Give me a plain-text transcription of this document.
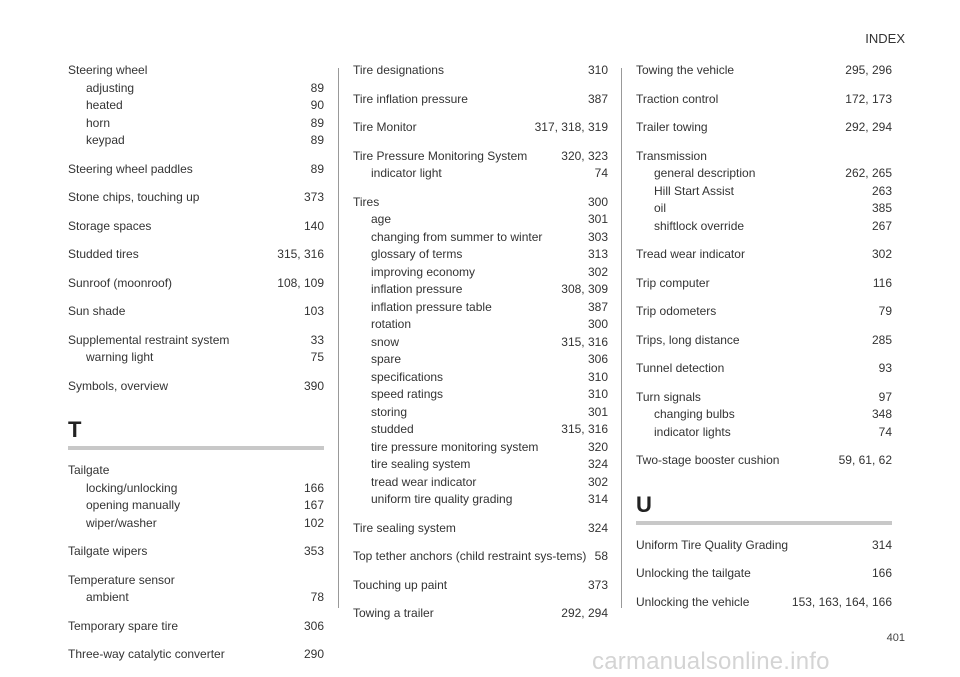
INDEX
Steering wheel
adjusting	89
heated	90
horn	89
keypad	89
Steering wheel paddles	89
Stone chips, touching up	373
Storage spaces	140
Studded tires	315, 316
Sunroof (moonroof)	108, 109
Sun shade	103
Supplemental restraint system	33
warning light	75
Symbols, overview	390
T
Tailgate
locking/unlocking	166
opening manually	167
wiper/washer	102
Tailgate wipers	353
Temperature sensor
ambient	78
Temporary spare tire	306
Three-way catalytic converter	290
Tire designations	310
Tire inflation pressure	387
Tire Monitor	317, 318, 319
Tire Pressure Monitoring System	320, 323
indicator light	74
Tires	300
age	301
changing from summer to winter	303
glossary of terms	313
improving economy	302
inflation pressure	308, 309
inflation pressure table	387
rotation	300
snow	315, 316
spare	306
specifications	310
speed ratings	310
storing	301
studded	315, 316
tire pressure monitoring system	320
tire sealing system	324
tread wear indicator	302
uniform tire quality grading	314
Tire sealing system	324
Top tether anchors (child restraint sys-tems) 58
Touching up paint	373
Towing a trailer	292, 294
Towing the vehicle	295, 296
Traction control	172, 173
Trailer towing	292, 294
Transmission
general description	262, 265
Hill Start Assist	263
oil	385
shiftlock override	267
Tread wear indicator	302
Trip computer	116
Trip odometers	79
Trips, long distance	285
Tunnel detection	93
Turn signals	97
changing bulbs	348
indicator lights	74
Two-stage booster cushion	59, 61, 62
U
Uniform Tire Quality Grading	314
Unlocking the tailgate	166
Unlocking the vehicle	153, 163, 164, 166
401
carmanualsonline.info
